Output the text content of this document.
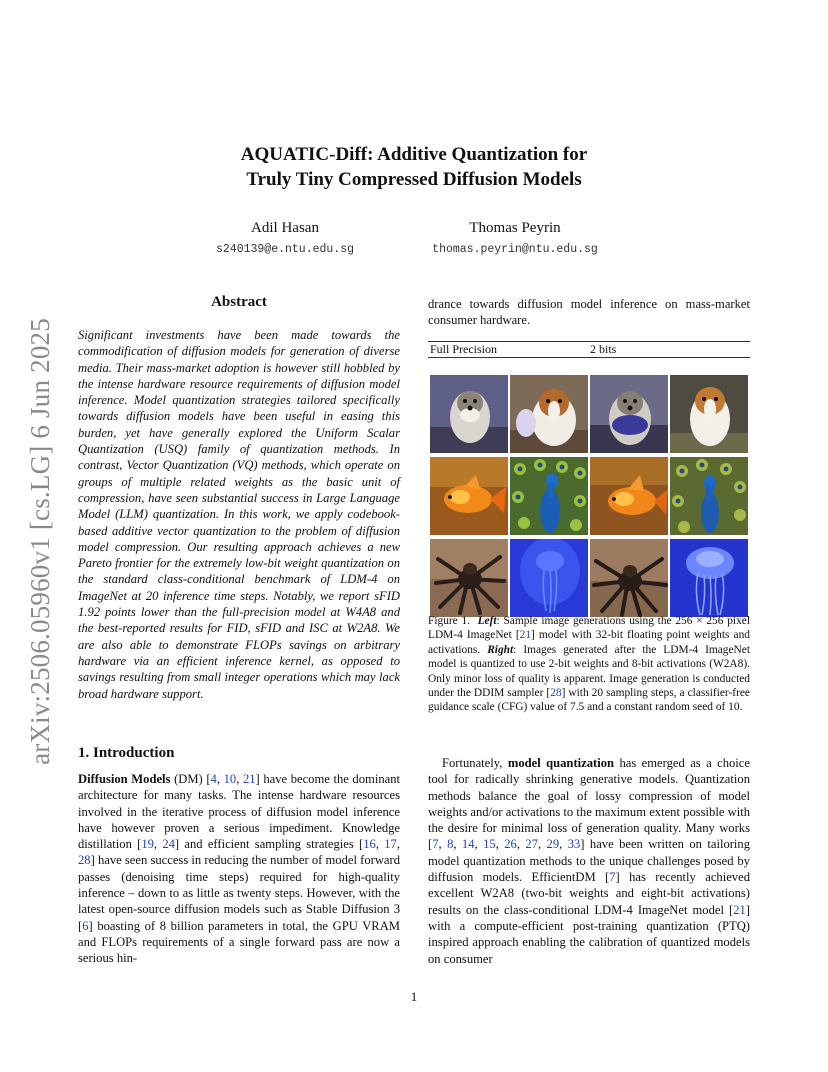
arXiv:2506.05960v1 [cs.LG] 6 Jun 2025
AQUATIC-Diff: Additive Quantization for
Truly Tiny Compressed Diffusion Models
Adil Hasan
s240139@e.ntu.edu.sg
Thomas Peyrin
thomas.peyrin@ntu.edu.sg
Abstract
Significant investments have been made towards the commodification of diffusion models for generation of diverse media. Their mass-market adoption is however still hobbled by the intense hardware resource requirements of diffusion model inference. Model quantization strategies tailored specifically towards diffusion models have been useful in easing this burden, yet have generally explored the Uniform Scalar Quantization (USQ) family of quantization methods. In contrast, Vector Quantization (VQ) methods, which operate on groups of multiple related weights as the basic unit of compression, have seen substantial success in Large Language Model (LLM) quantization. In this work, we apply codebook-based additive vector quantization to the problem of diffusion model compression. Our resulting approach achieves a new Pareto frontier for the extremely low-bit weight quantization on the standard class-conditional benchmark of LDM-4 on ImageNet at 20 inference time steps. Notably, we report sFID 1.92 points lower than the full-precision model at W4A8 and the best-reported results for FID, sFID and ISC at W2A8. We are also able to demonstrate FLOPs savings on arbitrary hardware via an efficient inference kernel, as opposed to savings resulting from small integer operations which may lack broad hardware support.
1. Introduction

Diffusion Models (DM) [4, 10, 21] have become the dominant architecture for many tasks. The intense hardware resources involved in the iterative process of diffusion model inference have however proven a serious impediment. Knowledge distillation [19, 24] and efficient sampling strategies [16, 17, 28] have seen success in reducing the number of model forward passes (denoising time steps) required for high-quality inference – down to as little as twenty steps. However, with the latest open-source diffusion models such as Stable Diffusion 3 [6] boasting of 8 billion parameters in total, the GPU VRAM and FLOPs requirements of a single forward pass are now a serious hin-

drance towards diffusion model inference on mass-market consumer hardware.
Full Precision	2 bits
Figure 1. Left: Sample image generations using the 256 × 256 pixel LDM-4 ImageNet [21] model with 32-bit floating point weights and activations. Right: Images generated after the LDM-4 ImageNet model is quantized to use 2-bit weights and 8-bit activations (W2A8). Only minor loss of quality is apparent. Image generation is conducted under the DDIM sampler [28] with 20 sampling steps, a classifier-free guidance scale (CFG) value of 7.5 and a constant random seed of 10.

Fortunately, model quantization has emerged as a choice tool for radically shrinking generative models. Quantization methods balance the goal of lossy compression of model weights and/or activations to the maximum extent possible with the desire for minimal loss of generation quality. Many works [7, 8, 14, 15, 26, 27, 29, 33] have been written on tailoring model quantization methods to the unique challenges posed by diffusion models. EfficientDM [7] has recently achieved excellent W2A8 (two-bit weights and eight-bit activations) results on the class-conditional LDM-4 ImageNet model [21] with a compute-efficient post-training quantization (PTQ) inspired approach enabling the calibration of quantized models on consumer

1
